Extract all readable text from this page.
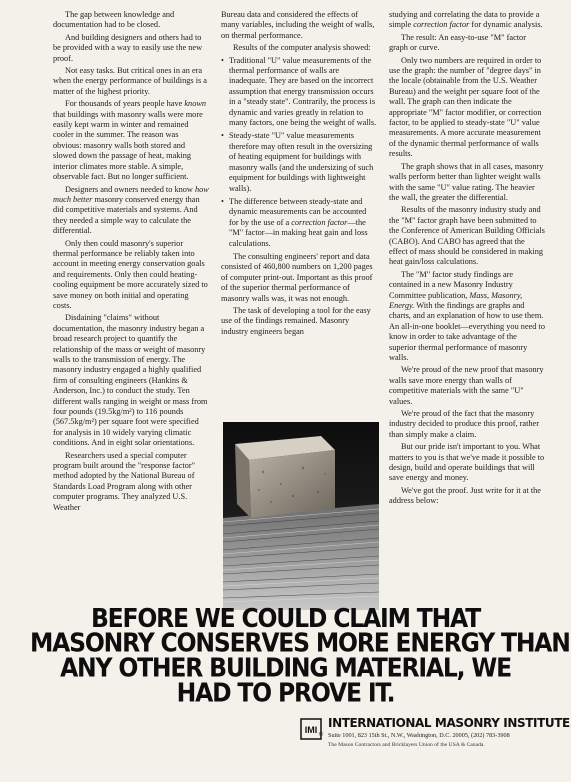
The gap between knowledge and documentation had to be closed.

And building designers and others had to be provided with a way to easily use the new proof.

Not easy tasks. But critical ones in an era when the energy performance of buildings is a matter of the highest priority.

For thousands of years people have known that buildings with masonry walls were more easily kept warm in winter and remained cooler in the summer. The reason was obvious: masonry walls both stored and slowed down the passage of heat, making interior climates more stable. A simple, observable fact. But no longer sufficient.

Designers and owners needed to know how much better masonry conserved energy than did competitive materials and systems. And they needed a simple way to calculate the differential.

Only then could masonry's superior thermal performance be reliably taken into account in meeting energy conservation goals and requirements. Only then could heating-cooling equipment be more accurately sized to save money on both initial and operating costs.

Disdaining "claims" without documentation, the masonry industry began a broad research project to quantify the relationship of the mass or weight of masonry walls to the transmission of energy. The masonry industry engaged a highly qualified firm of consulting engineers (Hankins & Anderson, Inc.) to conduct the study. Ten different walls ranging in weight or mass from four pounds (19.5kg/m²) to 116 pounds (567.5kg/m²) per square foot were specified for analysis in 10 widely varying climatic conditions. And in eight solar orientations.

Researchers used a special computer program built around the "response factor" method adopted by the National Bureau of Standards Load Program along with other computer programs. They analyzed U.S. Weather

Bureau data and considered the effects of many variables, including the weight of walls, on thermal performance.

Results of the computer analysis showed:

• Traditional "U" value measurements of the thermal performance of walls are inadequate. They are based on the incorrect assumption that energy transmission occurs in a "steady state". Contrarily, the process is dynamic and varies greatly in relation to many factors, one being the weight of walls.
• Steady-state "U" value measurements therefore may often result in the oversizing of heating equipment for buildings with masonry walls (and the undersizing of such equipment for buildings with lightweight walls).
• The difference between steady-state and dynamic measurements can be accounted for by the use of a correction factor—the "M" factor—in making heat gain and loss calculations.

The consulting engineers' report and data consisted of 460,800 numbers on 1,200 pages of computer print-out. Important as this proof of the superior thermal performance of masonry walls was, it was not enough.

The task of developing a tool for the easy use of the findings remained. Masonry industry engineers began

studying and correlating the data to provide a simple correction factor for dynamic analysis.

The result: An easy-to-use "M" factor graph or curve.

Only two numbers are required in order to use the graph: the number of "degree days" in the locale (obtainable from the U.S. Weather Bureau) and the weight per square foot of the wall. The graph can then indicate the appropriate "M" factor modifier, or correction factor, to be applied to steady-state "U" value measurements. A more accurate measurement of the dynamic thermal performance of walls results.

The graph shows that in all cases, masonry walls perform better than lighter weight walls with the same "U" value rating. The heavier the wall, the greater the differential.

Results of the masonry industry study and the "M" factor graph have been submitted to the Conference of American Building Officials (CABO). And CABO has agreed that the effect of mass should be considered in making heat gain/loss calculations.

The "M" factor study findings are contained in a new Masonry Industry Committee publication, Mass, Masonry, Energy. With the findings are graphs and charts, and an explanation of how to use them. An all-in-one booklet—everything you need to know in order to take advantage of the superior thermal performance of masonry walls.

We're proud of the new proof that masonry walls save more energy than walls of competitive materials with the same "U" values.

We're proud of the fact that the masonry industry decided to produce this proof, rather than simply make a claim.

But our pride isn't important to you. What matters to you is that we've made it possible to design, build and operate buildings that will save energy and money.

We've got the proof. Just write for it at the address below:

BEFORE WE COULD CLAIM THAT
MASONRY CONSERVES MORE ENERGY THAN
ANY OTHER BUILDING MATERIAL, WE
HAD TO PROVE IT.
IMI ©
INTERNATIONAL MASONRY INSTITUTE
Suite 1001, 823 15th St., N.W., Washington, D.C. 20005, (202) 783-3908
The Mason Contractors and Bricklayers Union of the USA & Canada.
